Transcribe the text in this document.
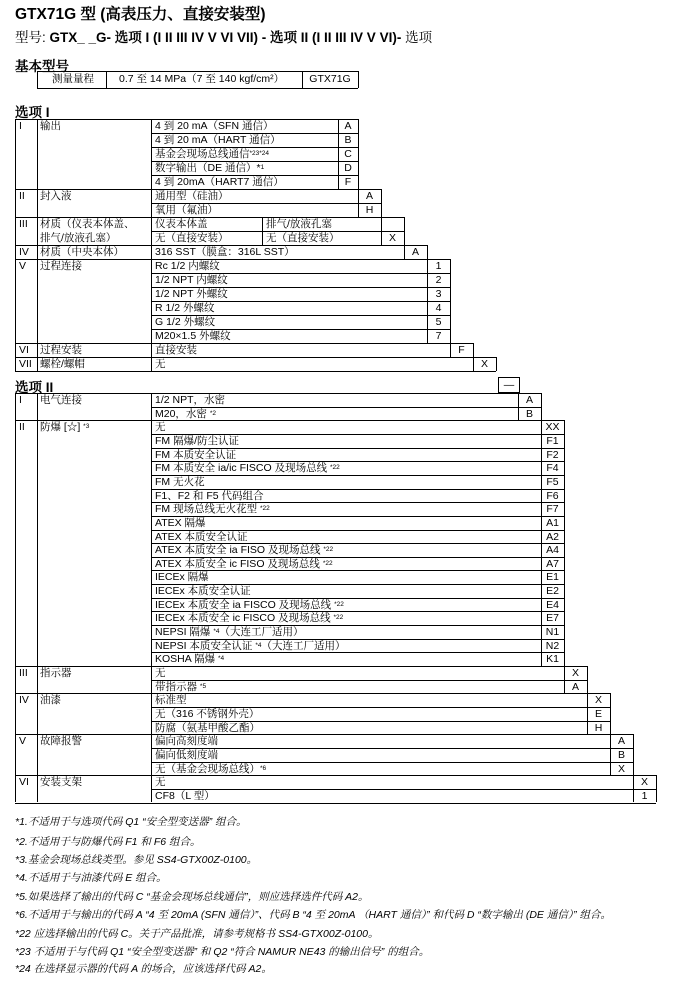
GTX71G 型 (高表压力、直接安装型)
型号: GTX_ _G- 选项 I (I II III IV V VI VII) - 选项 II (I II III IV V VI)- 选项
基本型号
测量量程 0.7 至 14 MPa（7 至 140 kgf/cm²）	GTX71G
选项 I
I 输出	4 到 20 mA（SFN 通信）	A
4 到 20 mA（HART 通信）	B
基金会现场总线通信$^{*23*24}$	C
数字输出（DE 通信）*$^1$	D
4 到 20mA（HART7 通信）	F
II 封入液	通用型（硅油）	A
氧用（氟油）	H
III 材质（仪表本体盖、
排气/放液孔塞）
仪表本体盖	排气/放液孔塞
无（直接安装）	无（直接安装）	X
IV 材质（中央本体）	316 SST（膜盒：316L SST）	A
V 过程连接	Rc 1/2 内螺纹	1
1/2 NPT 内螺纹	2
1/2 NPT 外螺纹	3
R 1/2 外螺纹	4
G 1/2 外螺纹	5
M20×1.5 外螺纹	7
VI 过程安装	直接安装	F
VII 螺栓/螺帽	无	X
选项 II	—
I 电气连接	1/2 NPT，水密	A
M20，水密 $^{*2}$	B
II 防爆 [☆] $^{*3}$	无	XX
FM 隔爆/防尘认证	F1
FM 本质安全认证	F2
FM 本质安全 ia/ic FISCO 及现场总线 $^{*22}$	F4
FM 无火花	F5
F1、F2 和 F5 代码组合	F6
FM 现场总线无火花型 $^{*22}$	F7
ATEX 隔爆	A1
ATEX 本质安全认证	A2
ATEX 本质安全 ia FISO 及现场总线 $^{*22}$	A4
ATEX 本质安全 ic FISO 及现场总线 $^{*22}$	A7
IECEx 隔爆	E1
IECEx 本质安全认证	E2
IECEx 本质安全 ia FISCO 及现场总线 $^{*22}$	E4
IECEx 本质安全 ic FISCO 及现场总线 $^{*22}$	E7
NEPSI 隔爆 $^{*4}$（大连工厂适用）	N1
NEPSI 本质安全认证 $^{*4}$（大连工厂适用）	N2
KOSHA 隔爆 $^{*4}$	K1
III 指示器	无	X
带指示器 $^{*5}$	A
IV 油漆	标准型	X
无（316 不锈钢外壳）	E
防腐（氨基甲酸乙酯）	H
V 故障报警	偏向高刻度端	A
偏向低刻度端	B
无（基金会现场总线）$^{*6}$	X
VI 安装支架	无	X
CF8（L 型）	1
*1.不适用于与选项代码 Q1 “安全型变送器” 组合。
*2.不适用于与防爆代码 F1 和 F6 组合。
*3.基金会现场总线类型。参见 SS4-GTX00Z-0100。
*4.不适用于与油漆代码 E 组合。
*5.如果选择了输出的代码 C “基金会现场总线通信”，则应选择选件代码 A2。
*6.不适用于与输出的代码 A “4 至 20mA (SFN 通信）”、代码 B “4 至 20mA （HART 通信）” 和代码 D “数字输出 (DE 通信）” 组合。
*22 应选择输出的代码 C。关于产品批准，请参考规格书 SS4-GTX00Z-0100。
*23 不适用于与代码 Q1 “安全型变送器” 和 Q2 “符合 NAMUR NE43 的输出信号” 的组合。
*24 在选择显示器的代码 A 的场合，应该选择代码 A2。
